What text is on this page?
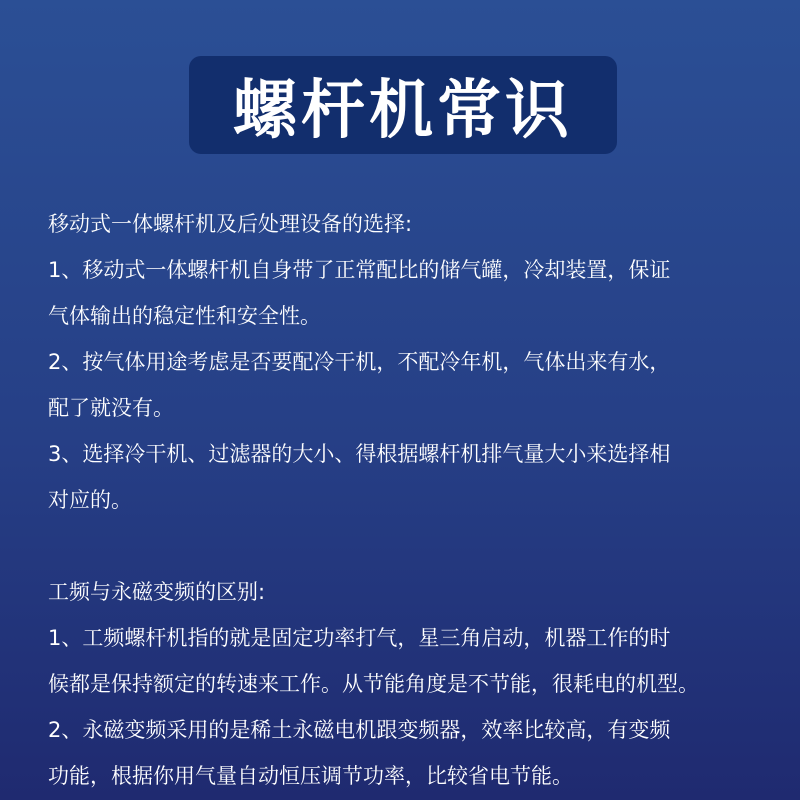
螺杆机常识
移动式一体螺杆机及后处理设备的选择:
1、移动式一体螺杆机自身带了正常配比的储气罐，冷却装置，保证
气体输出的稳定性和安全性。
2、按气体用途考虑是否要配冷干机，不配冷年机，气体出来有水，
配了就没有。
3、选择冷干机、过滤器的大小、得根据螺杆机排气量大小来选择相
对应的。
工频与永磁变频的区别:
1、工频螺杆机指的就是固定功率打气，星三角启动，机器工作的时
候都是保持额定的转速来工作。从节能角度是不节能，很耗电的机型。
2、永磁变频采用的是稀土永磁电机跟变频器，效率比较高，有变频
功能，根据你用气量自动恒压调节功率，比较省电节能。
